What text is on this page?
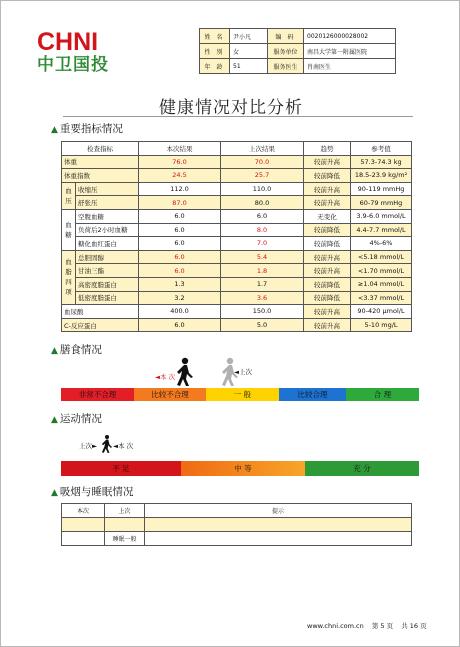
CHNI
中卫国投
姓 名	尹小凡	编 码	0020126000028002
性 别	女	服务单位	南昌大学第一附属医院
年 龄	51	服务医生	肖南医生
健康情况对比分析
▲ 重要指标情况
检查指标		本次结果	上次结果	趋势	参考值
体重		76.0	70.0	较前升高	57.3-74.3 kg
体重指数		24.5	25.7	较前降低	18.5-23.9 kg/m²
血压	收缩压	112.0	110.0	较前升高	90-119 mmHg
	舒张压	87.0	80.0	较前升高	60-79 mmHg
血糖	空腹血糖	6.0	6.0	无变化	3.9-6.0 mmol/L
	负荷后2小时血糖	6.0	8.0	较前降低	4.4-7.7 mmol/L
	糖化血红蛋白	6.0	7.0	较前降低	4%-6%
血脂四项	总胆固醇	6.0	5.4	较前升高	<5.18 mmol/L
	甘油三酯	6.0	1.8	较前升高	<1.70 mmol/L
	高密度脂蛋白	1.3	1.7	较前降低	≥1.04 mmol/L
	低密度脂蛋白	3.2	3.6	较前降低	<3.37 mmol/L
血尿酸		400.0	150.0	较前升高	90-420 μmol/L
C-反应蛋白		6.0	5.0	较前升高	5-10 mg/L
▲ 膳食情况
◄本 次
◄上次
非常不合理	比较不合理	一 般	比较合理	合 理
▲ 运动情况
上次► ◄本 次
不 足	中 等	充 分
▲ 吸烟与睡眠情况
本次	上次	提示

	睡眠一般	
www.chni.com.cn 第 5 页 共 16 页
